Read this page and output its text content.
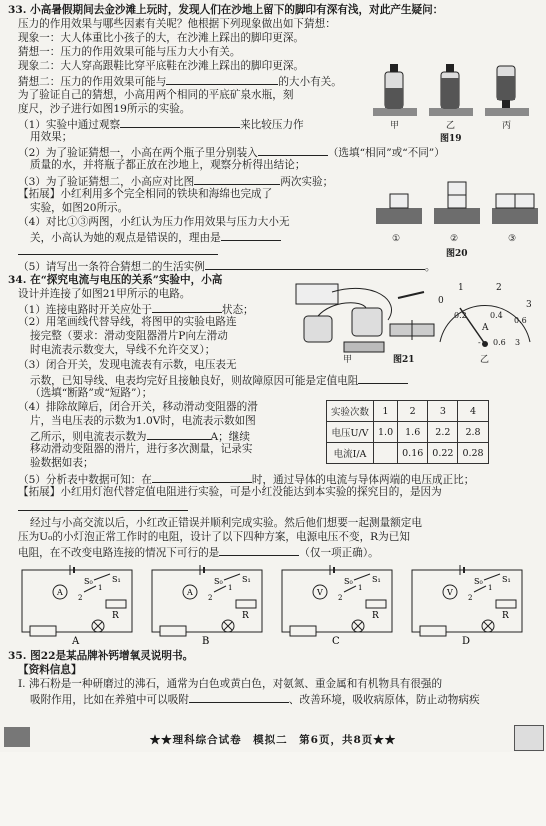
33. 小高暑假期间去金沙滩上玩时，发现人们在沙地上留下的脚印有深有浅，对此产生疑问：
压力的作用效果与哪些因素有关呢？他根据下列现象做出如下猜想：
现象一：大人体重比小孩子的大，在沙滩上踩出的脚印更深。
猜想一：压力的作用效果可能与压力大小有关。
现象二：大人穿高跟鞋比穿平底鞋在沙滩上踩出的脚印更深。
猜想二：压力的作用效果可能与	的大小有关。
为了验证自己的猜想，小高用两个相同的平底矿泉水瓶，刻
度尺，沙子进行如图19所示的实验。
（1）实验中通过观察	来比较压力作
用效果；
（2）为了验证猜想一，小高在两个瓶子里分别装入	（选填“相同”或“不同”）
质量的水，并将瓶子都正放在沙地上，观察分析得出结论；
（3）为了验证猜想二，小高应对比图	两次实验；
【拓展】小红利用多个完全相同的铁块和海绵也完成了
实验，如图20所示。
（4）对比①③两图，小红认为压力作用效果与压力大小无
关，小高认为她的观点是错误的，理由是
（5）请写出一条符合猜想二的生活实例	。
甲	乙	丙
图19
①	②	③
图20
34. 在“探究电流与电压的关系”实验中，小高
设计并连接了如图21甲所示的电路。
（1）连接电路时开关应处于	状态；
（2）用笔画线代替导线，将图甲的实验电路连
接完整（要求：滑动变阻器滑片P向左滑动
时电流表示数变大，导线不允许交叉）；
（3）闭合开关，发现电流表有示数，电压表无
示数，已知导线、电表均完好且接触良好，则故障原因可能是定值电阻
（选填“断路”或“短路”）；
（4）排除故障后，闭合开关，移动滑动变阻器的滑
片，当电压表的示数为1.0V时，电流表示数如图
乙所示，则电流表示数为	A；继续
移动滑动变阻器的滑片，进行多次测量，记录实
验数据如表；
（5）分析表中数据可知：在	时，通过导体的电流与导体两端的电压成正比；
【拓展】小红用灯泡代替定值电阻进行实验，可是小红没能达到本实验的探究目的，是因为
经过与小高交流以后，小红改正错误并顺利完成实验。然后他们想要一起测量额定电
压为U₀的小灯泡正常工作时的电阻，设计了以下四种方案，电源电压不变，R为已知
电阻，在不改变电路连接的情况下可行的是	（仅一项正确）。
甲
0
1	2
3
0.2	0.4
0.6
A
- 0.6 3
乙
图21
实验次数	1	2	3	4
电压U/V	1.0	1.6	2.2	2.8
电流I/A		0.16	0.22	0.28
A
R
S₁
S₀
2
1
A
A
R
S₁
S₀
2
1
B
V
R
S₁
S₀
2
1
C
V
R
S₁
S₀
2
1
D
35. 图22是某品牌补钙增氧灵说明书。
【资料信息】
Ⅰ. 沸石粉是一种研磨过的沸石，通常为白色或黄白色，对氨氮、重金属和有机物具有很强的
吸附作用，比如在养殖中可以吸附	、改善环境，吸收病原体，防止动物病疾
★★理科综合试卷　模拟二　第6页，共8页★★
